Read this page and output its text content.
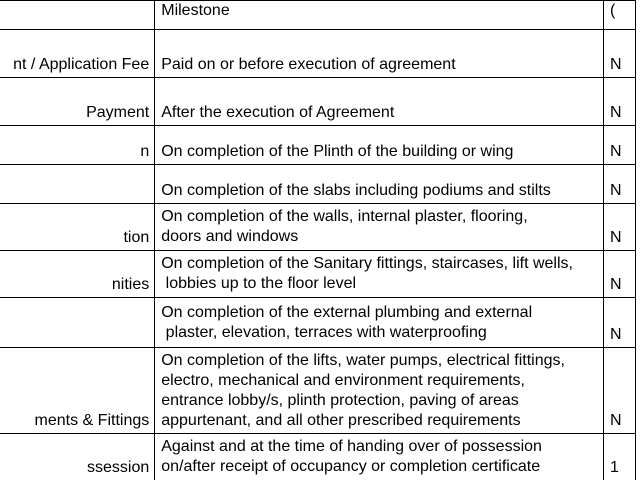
	Milestone	(
nt / Application Fee	Paid on or before execution of agreement	N
Payment	After the execution of Agreement	N
n	On completion of the Plinth of the building or wing	N

	On completion of the slabs including podiums and stilts	N
tion	On completion of the walls, internal plaster, flooring,
doors and windows	N
nities	On completion of the Sanitary fittings, staircases, lift wells,
lobbies up to the floor level	N

	On completion of the external plumbing and external
plaster, elevation, terraces with waterproofing	N
ments & Fittings	On completion of the lifts, water pumps, electrical fittings,
electro, mechanical and environment requirements,
entrance lobby/s, plinth protection, paving of areas
appurtenant, and all other prescribed requirements	N
ssession	Against and at the time of handing over of possession
on/after receipt of occupancy or completion certificate	1
